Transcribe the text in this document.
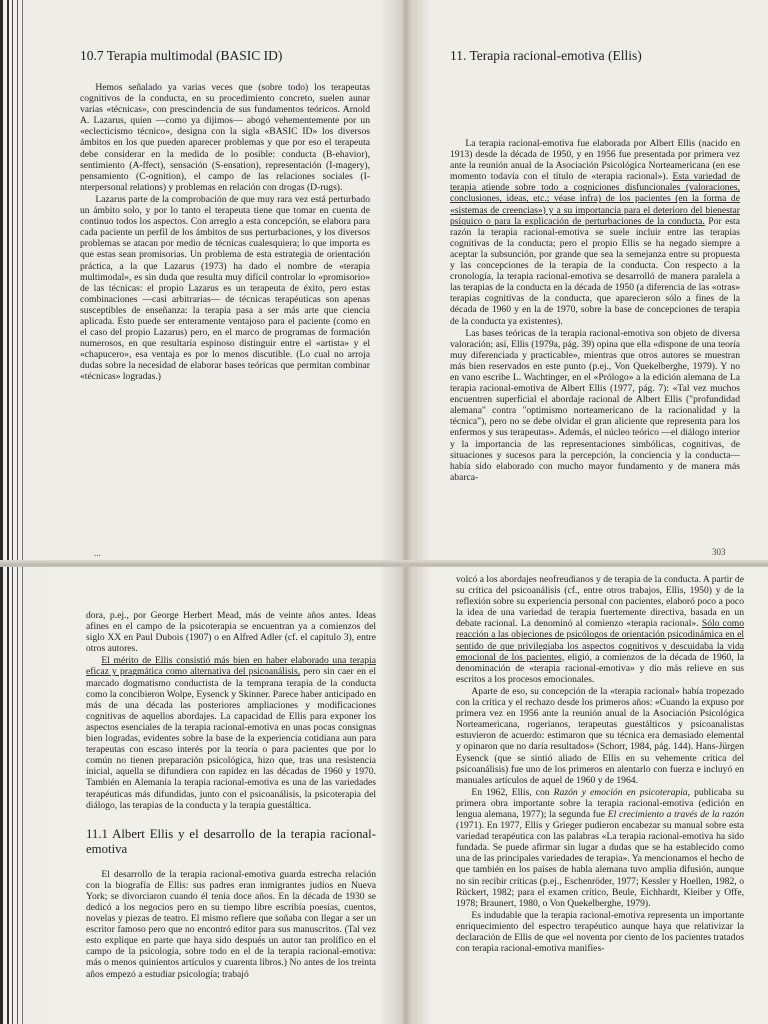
10.7 Terapia multimodal (BASIC ID)

Hemos señalado ya varias veces que (sobre todo) los terapeutas cognitivos de la conducta, en su procedimiento concreto, suelen aunar varias «técnicas», con prescindencia de sus fundamentos teóricos. Arnold A. Lazarus, quien —como ya dijimos— abogó vehementemente por un «eclecticismo técnico», designa con la sigla «BASIC ID» los diversos ámbitos en los que pueden aparecer problemas y que por eso el terapeuta debe considerar en la medida de lo posible: conducta (B-ehavior), sentimiento (A-ffect), sensación (S-ensation), representación (I-magery), pensamiento (C-ognition), el campo de las relaciones sociales (I-nterpersonal relations) y problemas en relación con drogas (D-rugs).

Lazarus parte de la comprobación de que muy rara vez está perturbado un ámbito solo, y por lo tanto el terapeuta tiene que tomar en cuenta de continuo todos los aspectos. Con arreglo a esta concepción, se elabora para cada paciente un perfil de los ámbitos de sus perturbaciones, y los diversos problemas se atacan por medio de técnicas cualesquiera; lo que importa es que estas sean promisorias. Un problema de esta estrategia de orientación práctica, a la que Lazarus (1973) ha dado el nombre de «terapia multimodal», es sin duda que resulta muy difícil controlar lo «promisorio» de las técnicas: el propio Lazarus es un terapeuta de éxito, pero estas combinaciones —casi arbitrarias— de técnicas terapéuticas son apenas susceptibles de enseñanza: la terapia pasa a ser más arte que ciencia aplicada. Esto puede ser enteramente ventajoso para el paciente (como en el caso del propio Lazarus) pero, en el marco de programas de formación numerosos, en que resultaría espinoso distinguir entre el «artista» y el «chapucero», esa ventaja es por lo menos discutible. (Lo cual no arroja dudas sobre la necesidad de elaborar bases teóricas que permitan combinar «técnicas» logradas.)

...
11. Terapia racional-emotiva (Ellis)

La terapia racional-emotiva fue elaborada por Albert Ellis (nacido en 1913) desde la década de 1950, y en 1956 fue presentada por primera vez ante la reunión anual de la Asociación Psicológica Norteamericana (en ese momento todavía con el título de «terapia racional»). Esta variedad de terapia atiende sobre todo a cogniciones disfuncionales (valoraciones, conclusiones, ideas, etc.; véase infra) de los pacientes (en la forma de «sistemas de creencias») y a su importancia para el deterioro del bienestar psíquico o para la explicación de perturbaciones de la conducta. Por esta razón la terapia racional-emotiva se suele incluir entre las terapias cognitivas de la conducta; pero el propio Ellis se ha negado siempre a aceptar la subsunción, por grande que sea la semejanza entre su propuesta y las concepciones de la terapia de la conducta. Con respecto a la cronología, la terapia racional-emotiva se desarrolló de manera paralela a las terapias de la conducta en la década de 1950 (a diferencia de las «otras» terapias cognitivas de la conducta, que aparecieron sólo a fines de la década de 1960 y en la de 1970, sobre la base de concepciones de terapia de la conducta ya existentes).

Las bases teóricas de la terapia racional-emotiva son objeto de diversa valoración; así, Ellis (1979a, pág. 39) opina que ella «dispone de una teoría muy diferenciada y practicable», mientras que otros autores se muestran más bien reservados en este punto (p.ej., Von Quekelberghe, 1979). Y no en vano escribe L. Wachtinger, en el «Prólogo» a la edición alemana de La terapia racional-emotiva de Albert Ellis (1977, pág. 7): «Tal vez muchos encuentren superficial el abordaje racional de Albert Ellis ("profundidad alemana" contra "optimismo norteamericano de la racionalidad y la técnica"), pero no se debe olvidar el gran aliciente que representa para los enfermos y sus terapeutas». Además, el núcleo teórico —el diálogo interior y la importancia de las representaciones simbólicas, cognitivas, de situaciones y sucesos para la percepción, la conciencia y la conducta— había sido elaborado con mucho mayor fundamento y de manera más abarca-

303

dora, p.ej., por George Herbert Mead, más de veinte años antes. Ideas afines en el campo de la psicoterapia se encuentran ya a comienzos del siglo XX en Paul Dubois (1907) o en Alfred Adler (cf. el capítulo 3), entre otros autores.

El mérito de Ellis consistió más bien en haber elaborado una terapia eficaz y pragmática como alternativa del psicoanálisis, pero sin caer en el marcado dogmatismo conductista de la temprana terapia de la conducta como la concibieron Wolpe, Eysenck y Skinner. Parece haber anticipado en más de una década las posteriores ampliaciones y modificaciones cognitivas de aquellos abordajes. La capacidad de Ellis para exponer los aspectos esenciales de la terapia racional-emotiva en unas pocas consignas bien logradas, evidentes sobre la base de la experiencia cotidiana aun para terapeutas con escaso interés por la teoría o para pacientes que por lo común no tienen preparación psicológica, hizo que, tras una resistencia inicial, aquella se difundiera con rapidez en las décadas de 1960 y 1970. También en Alemania la terapia racional-emotiva es una de las variedades terapéuticas más difundidas, junto con el psicoanálisis, la psicoterapia del diálogo, las terapias de la conducta y la terapia guestáltica.

11.1 Albert Ellis y el desarrollo de la terapia racional-emotiva

El desarrollo de la terapia racional-emotiva guarda estrecha relación con la biografía de Ellis: sus padres eran inmigrantes judíos en Nueva York; se divorciaron cuando él tenía doce años. En la década de 1930 se dedicó a los negocios pero en su tiempo libre escribía poesías, cuentos, novelas y piezas de teatro. El mismo refiere que soñaba con llegar a ser un escritor famoso pero que no encontró editor para sus manuscritos. (Tal vez esto explique en parte que haya sido después un autor tan prolífico en el campo de la psicología, sobre todo en el de la terapia racional-emotiva: más o menos quinientos artículos y cuarenta libros.) No antes de los treinta años empezó a estudiar psicología; trabajó

volcó a los abordajes neofreudianos y de terapia de la conducta. A partir de su crítica del psicoanálisis (cf., entre otros trabajos, Ellis, 1950) y de la reflexión sobre su experiencia personal con pacientes, elaboró poco a poco la idea de una variedad de terapia fuertemente directiva, basada en un debate racional. La denominó al comienzo «terapia racional». Sólo como reacción a las objeciones de psicólogos de orientación psicodinámica en el sentido de que privilegiaba los aspectos cognitivos y descuidaba la vida emocional de los pacientes, eligió, a comienzos de la década de 1960, la denominación de «terapia racional-emotiva» y dio más relieve en sus escritos a los procesos emocionales.

Aparte de eso, su concepción de la «terapia racional» había tropezado con la crítica y el rechazo desde los primeros años: «Cuando la expuso por primera vez en 1956 ante la reunión anual de la Asociación Psicológica Norteamericana, rogerianos, terapeutas guestálticos y psicoanalistas estuvieron de acuerdo: estimaron que su técnica era demasiado elemental y opinaron que no daría resultados» (Schorr, 1984, pág. 144). Hans-Jürgen Eysenck (que se sintió aliado de Ellis en su vehemente crítica del psicoanálisis) fue uno de los primeros en alentarlo con fuerza e incluyó en manuales artículos de aquel de 1960 y de 1964.

En 1962, Ellis, con Razón y emoción en psicoterapia, publicaba su primera obra importante sobre la terapia racional-emotiva (edición en lengua alemana, 1977); la segunda fue El crecimiento a través de la razón (1971). En 1977, Ellis y Grieger pudieron encabezar su manual sobre esta variedad terapéutica con las palabras «La terapia racional-emotiva ha sido fundada. Se puede afirmar sin lugar a dudas que se ha establecido como una de las principales variedades de terapia». Ya mencionamos el hecho de que también en los países de habla alemana tuvo amplia difusión, aunque no sin recibir críticas (p.ej., Eschenröder, 1977; Kessler y Hoellen, 1982, o Rückert, 1982; para el examen crítico, Beule, Eichhardt, Kleiber y Offe, 1978; Braunert, 1980, o Von Quekelberghe, 1979).

Es indudable que la terapia racional-emotiva representa un importante enriquecimiento del espectro terapéutico aunque haya que relativizar la declaración de Ellis de que «el noventa por ciento de los pacientes tratados con terapia racional-emotiva manifies-
